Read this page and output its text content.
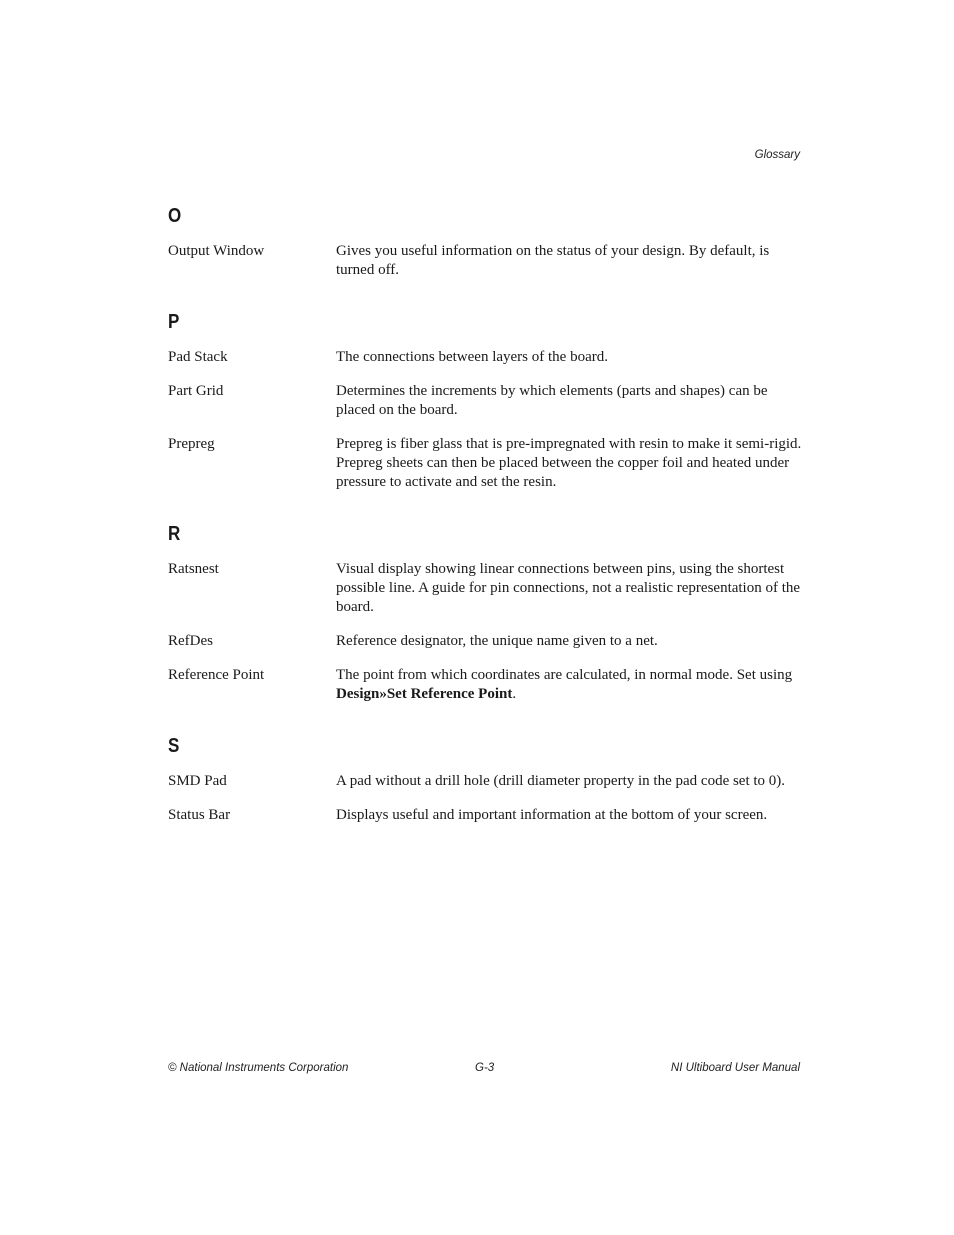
Glossary
O
Output Window	Gives you useful information on the status of your design. By default, is turned off.
P
Pad Stack	The connections between layers of the board.
Part Grid	Determines the increments by which elements (parts and shapes) can be placed on the board.
Prepreg	Prepreg is fiber glass that is pre-impregnated with resin to make it semi-rigid. Prepreg sheets can then be placed between the copper foil and heated under pressure to activate and set the resin.
R
Ratsnest	Visual display showing linear connections between pins, using the shortest possible line. A guide for pin connections, not a realistic representation of the board.
RefDes	Reference designator, the unique name given to a net.
Reference Point	The point from which coordinates are calculated, in normal mode. Set using Design»Set Reference Point.
S
SMD Pad	A pad without a drill hole (drill diameter property in the pad code set to 0).
Status Bar	Displays useful and important information at the bottom of your screen.
© National Instruments Corporation	G-3	NI Ultiboard User Manual
